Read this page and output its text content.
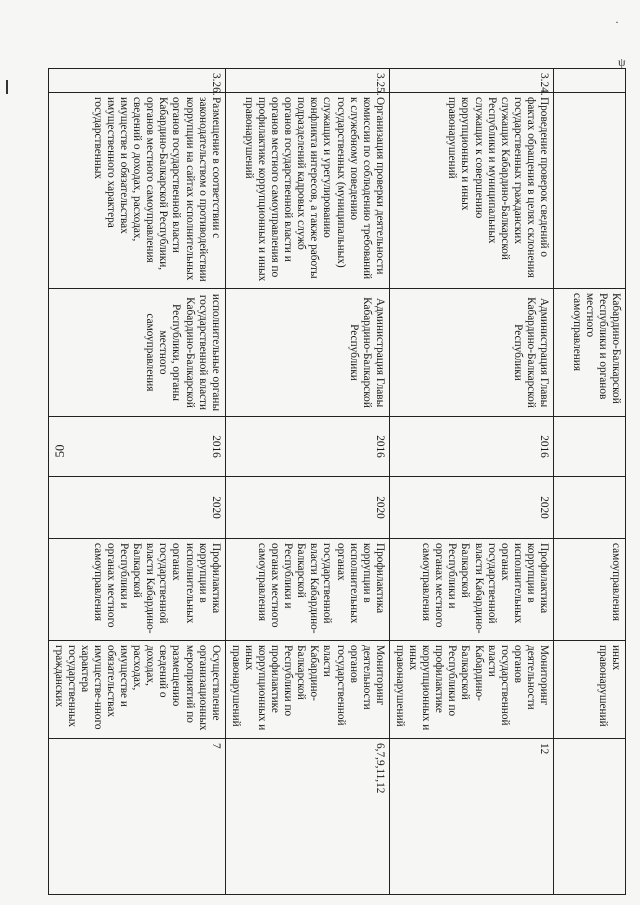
·
ψ
50
		Кабардино-Балкарской Республики и органов местного самоуправления			самоуправления	иных правонарушений	
3.24.	Проведение проверок сведений о фактах обращения в целях склонения государственных гражданских служащих Кабардино-Балкарской Республики и муниципальных служащих к совершению коррупционных и иных правонарушений	Администрация Главы Кабардино-Балкарской Республики	2016	2020	Профилактика коррупции в исполнительных органах государственной власти Кабардино-Балкарской Республики и органах местного самоуправления	Мониторинг деятельности органов государственной власти Кабардино-Балкарской Республики по профилактике коррупционных и иных правонарушений	12
3.25.	Организация проверки деятельности комиссии по соблюдению требований к служебному поведению государственных (муниципальных) служащих и урегулированию конфликта интересов, а также работы подразделений кадровых служб органов государственной власти и органов местного самоуправления по профилактике коррупционных и иных правонарушений	Администрация Главы Кабардино-Балкарской Республики	2016	2020	Профилактика коррупции в исполнительных органах государственной власти Кабардино-Балкарской Республики и органах местного самоуправления	Мониторинг деятельности органов государственной власти Кабардино-Балкарской Республики по профилактике коррупционных и иных правонарушений	6,7,9,11,12
3.26.	Размещение в соответствии с законодательством о противодействии коррупции на сайтах исполнительных органов государственной власти Кабардино-Балкарской Республики, органов местного самоуправления сведений о доходах, расходах, имуществе и обязательствах имущественного характера государственных	исполнительные органы государственной власти Кабардино-Балкарской Республики, органы местного самоуправления	2016	2020	Профилактика коррупции в исполнительных органах государственной власти Кабардино-Балкарской Республики и органах местного самоуправления	Осуществление организационных мероприятий по размещению сведений о доходах, расходах, имуществе и обязательствах имуществе-нного характера государственных гражданских	7
